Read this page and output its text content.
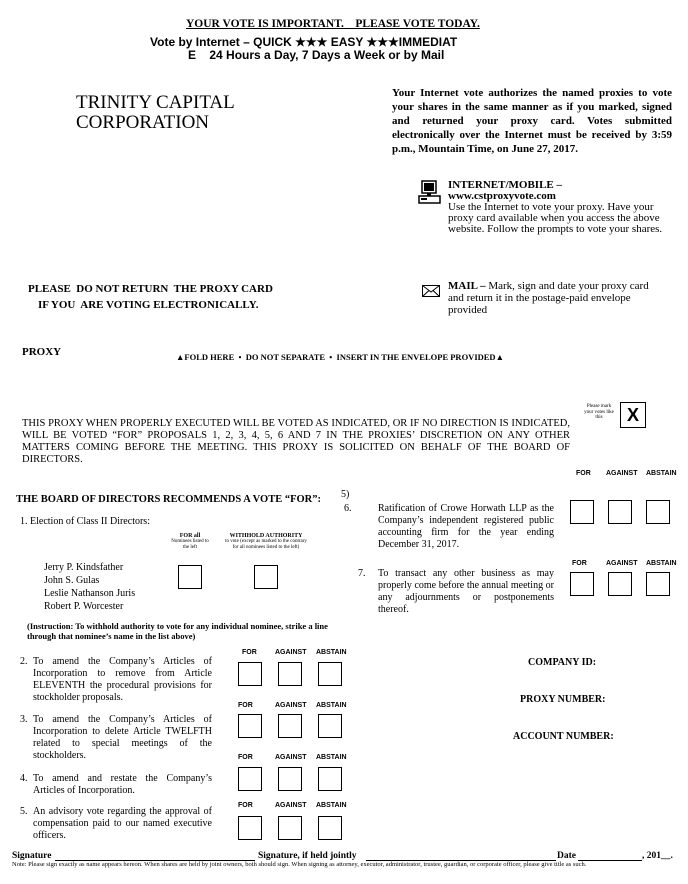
YOUR VOTE IS IMPORTANT.    PLEASE VOTE TODAY.
Vote by Internet – QUICK ★★★ EASY ★★★IMMEDIAT
E    24 Hours a Day, 7 Days a Week or by Mail
TRINITY CAPITAL
CORPORATION
Your Internet vote authorizes the named proxies to vote your shares in the same manner as if you marked, signed and returned your proxy card. Votes submitted electronically over the Internet must be received by 3:59 p.m., Mountain Time, on June 27, 2017.
INTERNET/MOBILE –
www.cstproxyvote.com
Use the Internet to vote your proxy. Have your proxy card available when you access the above website. Follow the prompts to vote your shares.
PLEASE  DO NOT RETURN  THE PROXY CARD
IF YOU  ARE VOTING ELECTRONICALLY.
MAIL – Mark, sign and date your proxy card and return it in the postage-paid envelope provided
PROXY	▲FOLD HERE  •  DO NOT SEPARATE  •  INSERT IN THE ENVELOPE PROVIDED▲
Please mark your votes like this	X
THIS PROXY WHEN PROPERLY EXECUTED WILL BE VOTED AS INDICATED, OR IF NO DIRECTION IS INDICATED, WILL BE VOTED “FOR” PROPOSALS 1, 2, 3, 4, 5, 6 AND 7 IN THE PROXIES’ DISCRETION ON ANY OTHER MATTERS COMING BEFORE THE MEETING. THIS PROXY IS SOLICITED ON BEHALF OF THE BOARD OF DIRECTORS.
THE BOARD OF DIRECTORS RECOMMENDS A VOTE “FOR”: 5)
FOR AGAINST ABSTAIN
1. Election of Class II Directors:
FOR all
Nominees listed to the left
WITHHOLD AUTHORITY
to vote (except as marked to the contrary for all nominees listed to the left)
Jerry P. Kindsfather
John S. Gulas
Leslie Nathanson Juris
Robert P. Worcester
(Instruction: To withhold authority to vote for any individual nominee, strike a line through that nominee’s name in the list above)
FOR	AGAINST ABSTAIN
2. To amend the Company’s Articles of Incorporation to remove from Article ELEVENTH the procedural provisions for stockholder proposals.
FOR	AGAINST ABSTAIN
3. To amend the Company’s Articles of Incorporation to delete Article TWELFTH related to special meetings of the stockholders.	FOR	AGAINST ABSTAIN
4. To amend and restate the Company’s Articles of Incorporation.
FOR	AGAINST ABSTAIN
5. An advisory vote regarding the approval of compensation paid to our named executive officers.
6.	Ratification of Crowe Horwath LLP as the Company’s independent registered public accounting firm for the year ending December 31, 2017.
FOR	AGAINST ABSTAIN
7. To transact any other business as may properly come before the annual meeting or any adjournments or postponements thereof.
COMPANY ID:
PROXY NUMBER:
ACCOUNT NUMBER:
Signature	Signature, if held jointly	Date	, 201__.
Note: Please sign exactly as name appears hereon. When shares are held by joint owners, both should sign. When signing as attorney, executor, administrator, trustee, guardian, or corporate officer, please give title as such.
